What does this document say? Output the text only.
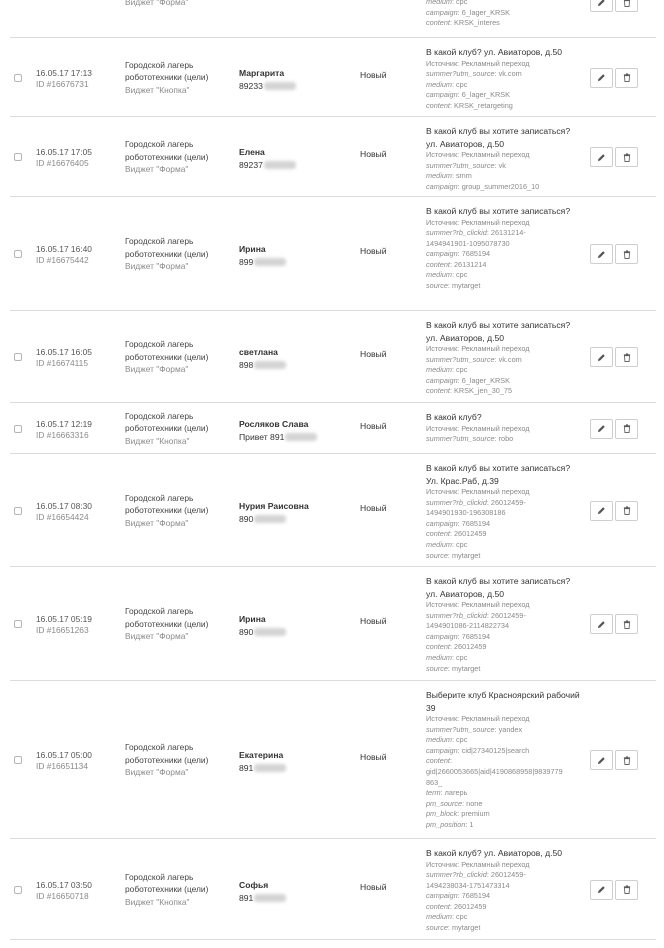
Виджет "Форма"	medium: cpc
campaign: 6_lager_KRSK
content: KRSK_interes
16.05.17 17:13
ID #16676731
Городской лагерь робототехники (цели)
Виджет "Кнопка"
Маргарита
89233
Новый
В какой клуб? ул. Авиаторов, д.50
Источник: Рекламный переход
summer?utm_source: vk.com
medium: cpc
campaign: 6_lager_KRSK
content: KRSK_retargeting
16.05.17 17:05
ID #16676405
Городской лагерь робототехники (цели)
Виджет "Форма"
Елена
89237
Новый
В какой клуб вы хотите записаться? ул. Авиаторов, д.50
Источник: Рекламный переход
summer?utm_source: vk
medium: smm
campaign: group_summer2016_10
16.05.17 16:40
ID #16675442
Городской лагерь робототехники (цели)
Виджет "Форма"
Ирина
899
Новый
В какой клуб вы хотите записаться?
Источник: Рекламный переход
summer?rb_clickid: 26131214-
1494941901-1095078730
campaign: 7685194
content: 26131214
medium: cpc
source: mytarget
16.05.17 16:05
ID #16674115
Городской лагерь робототехники (цели)
Виджет "Форма"
светлана
898
Новый
В какой клуб вы хотите записаться? ул. Авиаторов, д.50
Источник: Рекламный переход
summer?utm_source: vk.com
medium: cpc
campaign: 6_lager_KRSK
content: KRSK_jen_30_75
16.05.17 12:19
ID #16663316
Городской лагерь робототехники (цели)
Виджет "Кнопка"
Росляков Слава
Привет 891
Новый
В какой клуб?
Источник: Рекламный переход
summer?utm_source: robo
16.05.17 08:30
ID #16654424
Городской лагерь робототехники (цели)
Виджет "Форма"
Нурия Раисовна
890
Новый
В какой клуб вы хотите записаться? Ул. Крас.Раб, д.39
Источник: Рекламный переход
summer?rb_clickid: 26012459-
1494901930-196308186
campaign: 7685194
content: 26012459
medium: cpc
source: mytarget
16.05.17 05:19
ID #16651263
Городской лагерь робототехники (цели)
Виджет "Форма"
Ирина
890
Новый
В какой клуб вы хотите записаться? ул. Авиаторов, д.50
Источник: Рекламный переход
summer?rb_clickid: 26012459-
1494901086-2114822734
campaign: 7685194
content: 26012459
medium: cpc
source: mytarget
16.05.17 05:00
ID #16651134
Городской лагерь робототехники (цели)
Виджет "Форма"
Екатерина
891
Новый
Выберите клуб Красноярский рабочий 39
Источник: Рекламный переход
summer?utm_source: yandex
medium: cpc
campaign: cid|27340125|search
content:
gid|2660053665|aid|4190868958|9839779
863_
term: лагерь
pm_source: none
pm_block: premium
pm_position: 1
16.05.17 03:50
ID #16650718
Городской лагерь робототехники (цели)
Виджет "Кнопка"
Софья
891
Новый
В какой клуб? ул. Авиаторов, д.50
Источник: Рекламный переход
summer?rb_clickid: 26012459-
1494238034-1751473314
campaign: 7685194
content: 26012459
medium: cpc
source: mytarget
